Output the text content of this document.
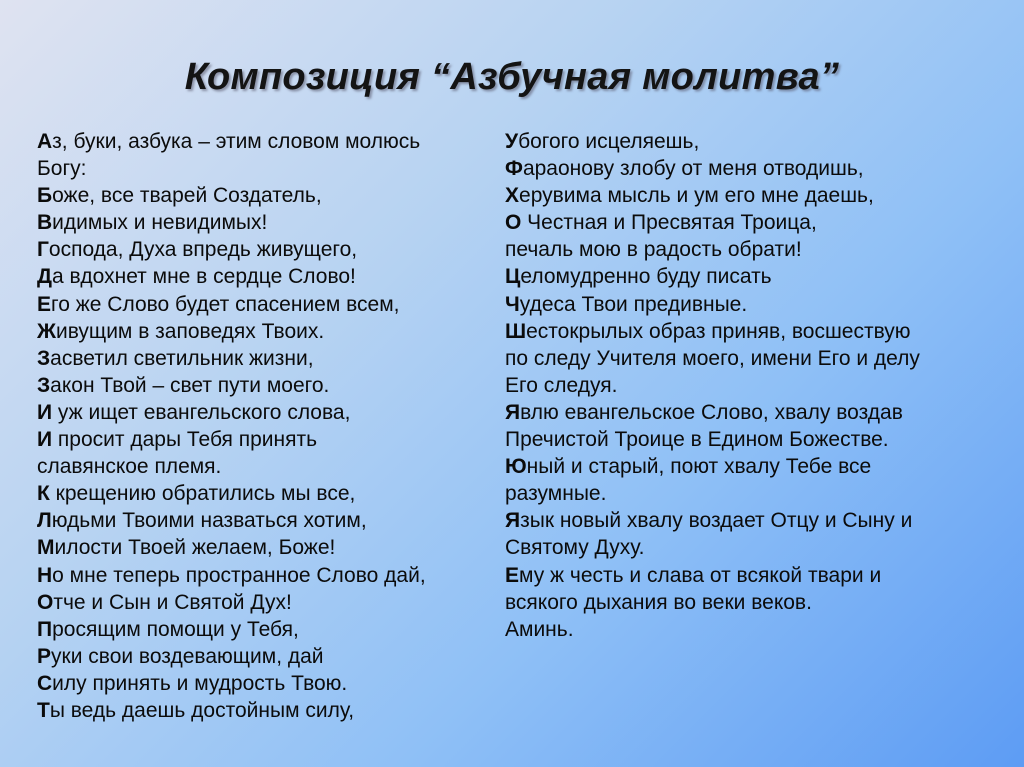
Композиция “Азбучная молитва”
Аз, буки, азбука – этим словом молюсь
Богу:
Боже, все тварей Создатель,
Видимых и невидимых!
Господа, Духа впредь живущего,
Да вдохнет мне в сердце Слово!
Его же Слово будет спасением всем,
Живущим в заповедях Твоих.
Засветил светильник жизни,
Закон Твой – свет пути моего.
И уж ищет евангельского слова,
И просит дары Тебя принять
славянское племя.
К крещению обратились мы все,
Людьми Твоими назваться хотим,
Милости Твоей желаем, Боже!
Но мне теперь пространное Слово дай,
Отче и Сын и Святой Дух!
Просящим помощи у Тебя,
Руки свои воздевающим, дай
Силу принять и мудрость Твою.
Ты ведь даешь достойным силу,
Убогого исцеляешь,
Фараонову злобу от меня отводишь,
Херувима мысль и ум его мне даешь,
О Честная и Пресвятая Троица,
печаль мою в радость обрати!
Целомудренно буду писать
Чудеса Твои предивные.
Шестокрылых образ приняв, восшествую
по следу Учителя моего, имени Его и делу
Его следуя.
Явлю евангельское Слово, хвалу воздав
Пречистой Троице в Едином Божестве.
Юный и старый, поют хвалу Тебе все
разумные.
Язык новый хвалу воздает Отцу и Сыну и
Святому Духу.
Ему ж честь и слава от всякой твари и
всякого дыхания во веки веков.
Аминь.
